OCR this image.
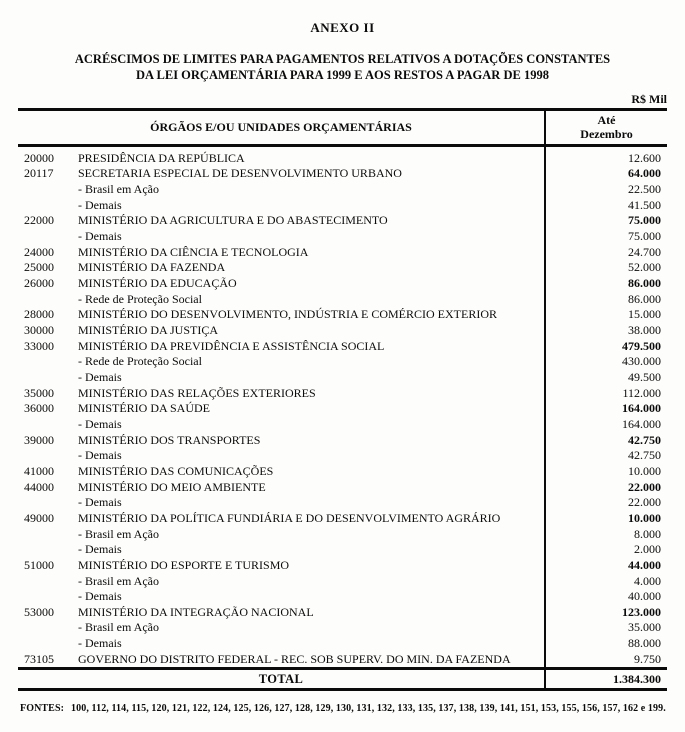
ANEXO II
ACRÉSCIMOS DE LIMITES PARA PAGAMENTOS RELATIVOS A DOTAÇÕES CONSTANTES
DA LEI ORÇAMENTÁRIA PARA 1999 E AOS RESTOS A PAGAR DE 1998
R$ Mil
ÓRGÃOS E/OU UNIDADES ORÇAMENTÁRIAS		Até
Dezembro

20000	PRESIDÊNCIA DA REPÚBLICA	12.600
20117	SECRETARIA ESPECIAL DE DESENVOLVIMENTO URBANO	64.000
	- Brasil em Ação	22.500
	- Demais	41.500
22000	MINISTÉRIO DA AGRICULTURA E DO ABASTECIMENTO	75.000
	- Demais	75.000
24000	MINISTÉRIO DA CIÊNCIA E TECNOLOGIA	24.700
25000	MINISTÉRIO DA FAZENDA	52.000
26000	MINISTÉRIO DA EDUCAÇÃO	86.000
	- Rede de Proteção Social	86.000
28000	MINISTÉRIO DO DESENVOLVIMENTO, INDÚSTRIA E COMÉRCIO EXTERIOR	15.000
30000	MINISTÉRIO DA JUSTIÇA	38.000
33000	MINISTÉRIO DA PREVIDÊNCIA E ASSISTÊNCIA SOCIAL	479.500
	- Rede de Proteção Social	430.000
	- Demais	49.500
35000	MINISTÉRIO DAS RELAÇÕES EXTERIORES	112.000
36000	MINISTÉRIO DA SAÚDE	164.000
	- Demais	164.000
39000	MINISTÉRIO DOS TRANSPORTES	42.750
	- Demais	42.750
41000	MINISTÉRIO DAS COMUNICAÇÕES	10.000
44000	MINISTÉRIO DO MEIO AMBIENTE	22.000
	- Demais	22.000
49000	MINISTÉRIO DA POLÍTICA FUNDIÁRIA E DO DESENVOLVIMENTO AGRÁRIO	10.000
	- Brasil em Ação	8.000
	- Demais	2.000
51000	MINISTÉRIO DO ESPORTE E TURISMO	44.000
	- Brasil em Ação	4.000
	- Demais	40.000
53000	MINISTÉRIO DA INTEGRAÇÃO NACIONAL	123.000
	- Brasil em Ação	35.000
	- Demais	88.000
73105	GOVERNO DO DISTRITO FEDERAL - REC. SOB SUPERV. DO MIN. DA FAZENDA	9.750
TOTAL		1.384.300
FONTES: 100, 112, 114, 115, 120, 121, 122, 124, 125, 126, 127, 128, 129, 130, 131, 132, 133, 135, 137, 138, 139, 141, 151, 153, 155, 156, 157, 162 e 199.
